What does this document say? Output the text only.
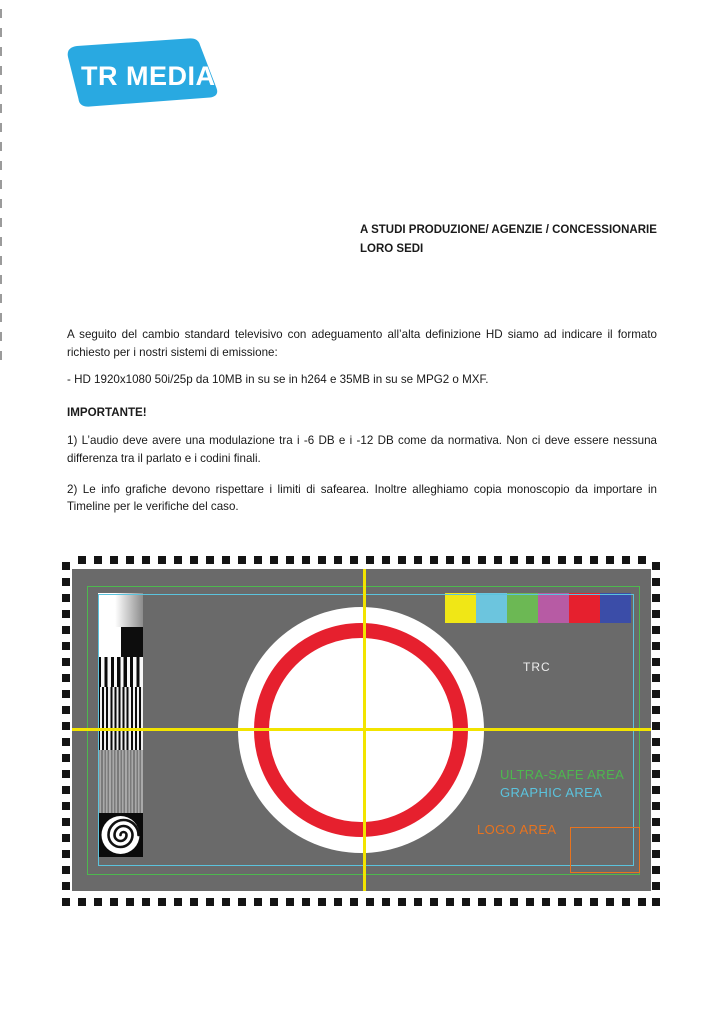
TR MEDIA
A STUDI PRODUZIONE/ AGENZIE / CONCESSIONARIE
LORO SEDI

A seguito del cambio standard televisivo con adeguamento all’alta definizione HD siamo ad indicare il formato richiesto per i nostri sistemi di emissione:

- HD 1920x1080 50i/25p da 10MB in su se in h264 e 35MB in su se MPG2 o MXF.

IMPORTANTE!

1) L’audio deve avere una modulazione tra i -6 DB e i -12 DB come da normativa. Non ci deve essere nessuna differenza tra il parlato e i codini finali.

2) Le info grafiche devono rispettare i limiti di safearea. Inoltre alleghiamo copia monoscopio da importare in Timeline per le verifiche del caso.

TRC
ULTRA-SAFE AREA
GRAPHIC AREA
LOGO AREA
